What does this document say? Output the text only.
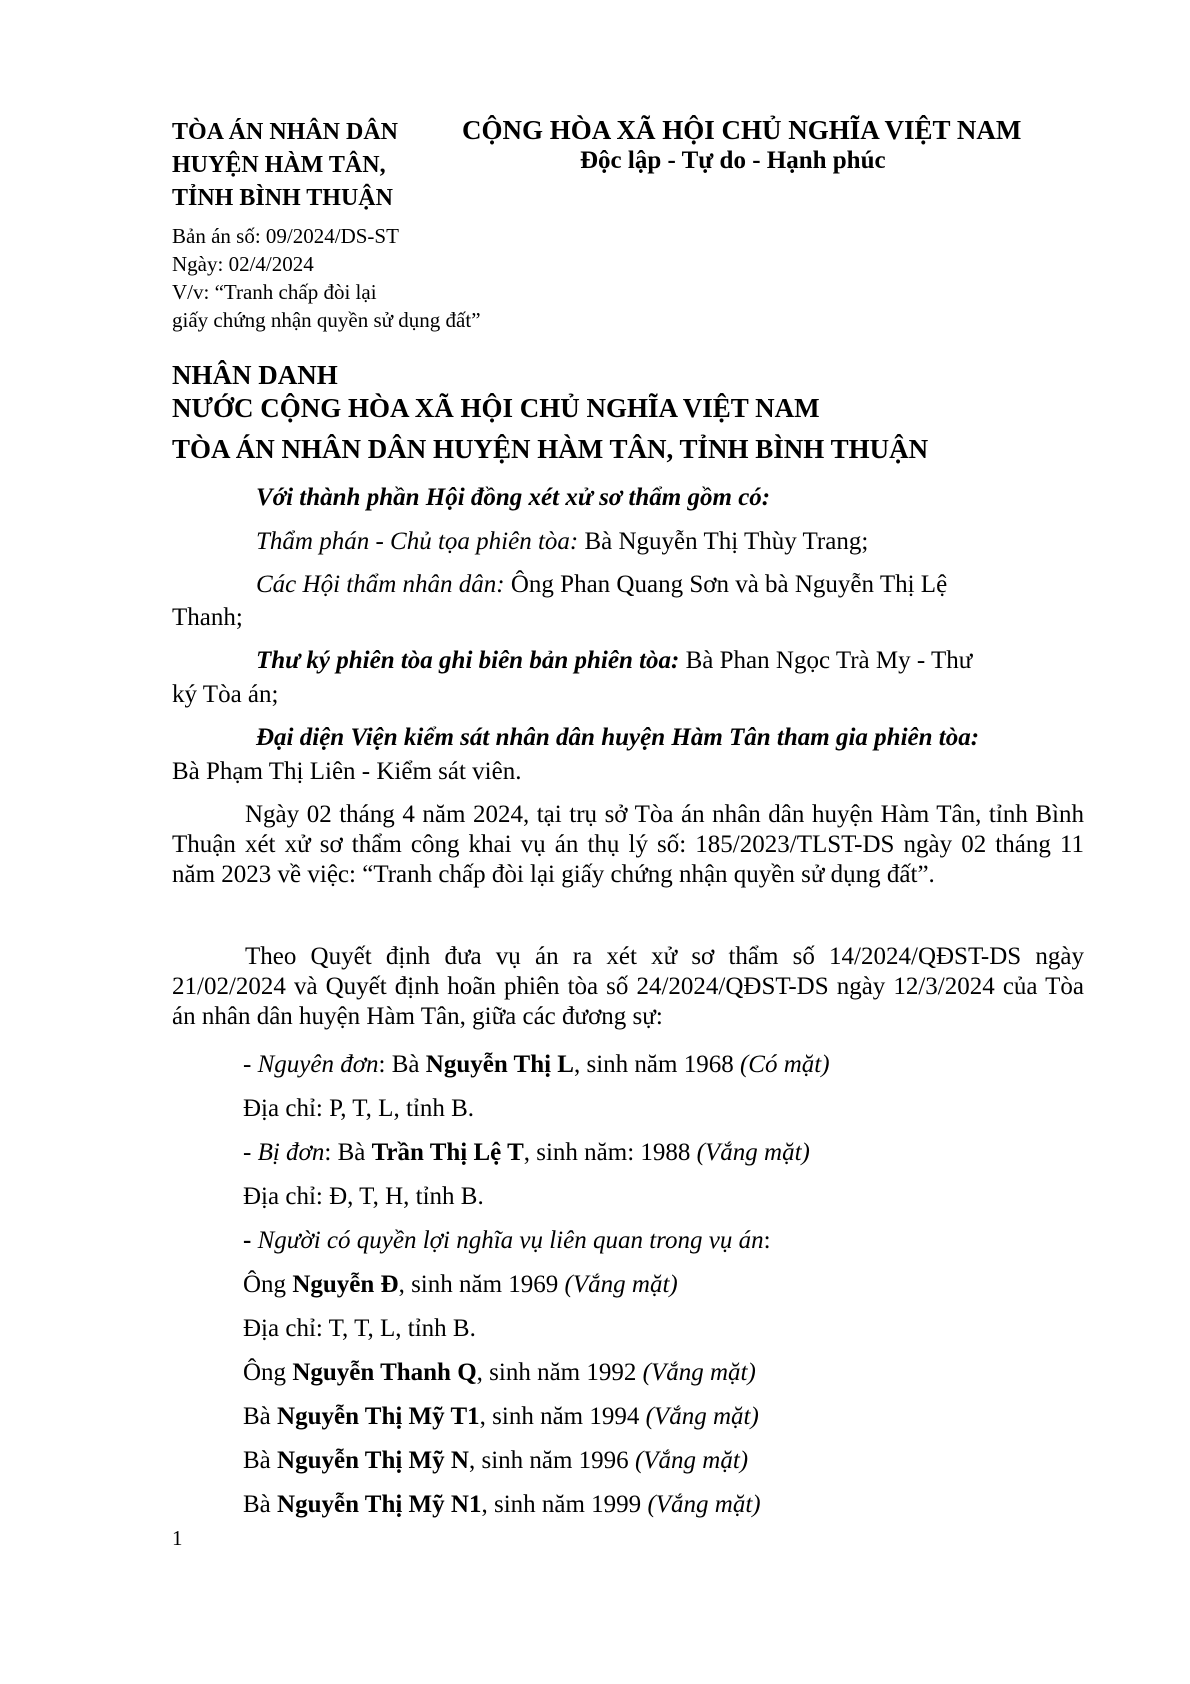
TÒA ÁN NHÂN DÂN
HUYỆN HÀM TÂN,
TỈNH BÌNH THUẬN
CỘNG HÒA XÃ HỘI CHỦ NGHĨA VIỆT NAM
Độc lập - Tự do - Hạnh phúc
Bản án số: 09/2024/DS-ST
Ngày: 02/4/2024
V/v: “Tranh chấp đòi lại
giấy chứng nhận quyền sử dụng đất”
NHÂN DANH
NƯỚC CỘNG HÒA XÃ HỘI CHỦ NGHĨA VIỆT NAM
TÒA ÁN NHÂN DÂN HUYỆN HÀM TÂN, TỈNH BÌNH THUẬN
Với thành phần Hội đồng xét xử sơ thẩm gồm có:
Thẩm phán - Chủ tọa phiên tòa: Bà Nguyễn Thị Thùy Trang;
Các Hội thẩm nhân dân: Ông Phan Quang Sơn và bà Nguyễn Thị Lệ
Thanh;
Thư ký phiên tòa ghi biên bản phiên tòa: Bà Phan Ngọc Trà My - Thư
ký Tòa án;
Đại diện Viện kiểm sát nhân dân huyện Hàm Tân tham gia phiên tòa:
Bà Phạm Thị Liên - Kiểm sát viên.
Ngày 02 tháng 4 năm 2024, tại trụ sở Tòa án nhân dân huyện Hàm Tân, tỉnh Bình Thuận xét xử sơ thẩm công khai vụ án thụ lý số: 185/2023/TLST-DS ngày 02 tháng 11 năm 2023 về việc: “Tranh chấp đòi lại giấy chứng nhận quyền sử dụng đất”.
Theo Quyết định đưa vụ án ra xét xử sơ thẩm số 14/2024/QĐST-DS ngày 21/02/2024 và Quyết định hoãn phiên tòa số 24/2024/QĐST-DS ngày 12/3/2024 của Tòa án nhân dân huyện Hàm Tân, giữa các đương sự:
- Nguyên đơn: Bà Nguyễn Thị L, sinh năm 1968 (Có mặt)
Địa chỉ: P, T, L, tỉnh B.
- Bị đơn: Bà Trần Thị Lệ T, sinh năm: 1988 (Vắng mặt)
Địa chỉ: Đ, T, H, tỉnh B.
- Người có quyền lợi nghĩa vụ liên quan trong vụ án:
Ông Nguyễn Đ, sinh năm 1969 (Vắng mặt)
Địa chỉ: T, T, L, tỉnh B.
Ông Nguyễn Thanh Q, sinh năm 1992 (Vắng mặt)
Bà Nguyễn Thị Mỹ T1, sinh năm 1994 (Vắng mặt)
Bà Nguyễn Thị Mỹ N, sinh năm 1996 (Vắng mặt)
Bà Nguyễn Thị Mỹ N1, sinh năm 1999 (Vắng mặt)
1
